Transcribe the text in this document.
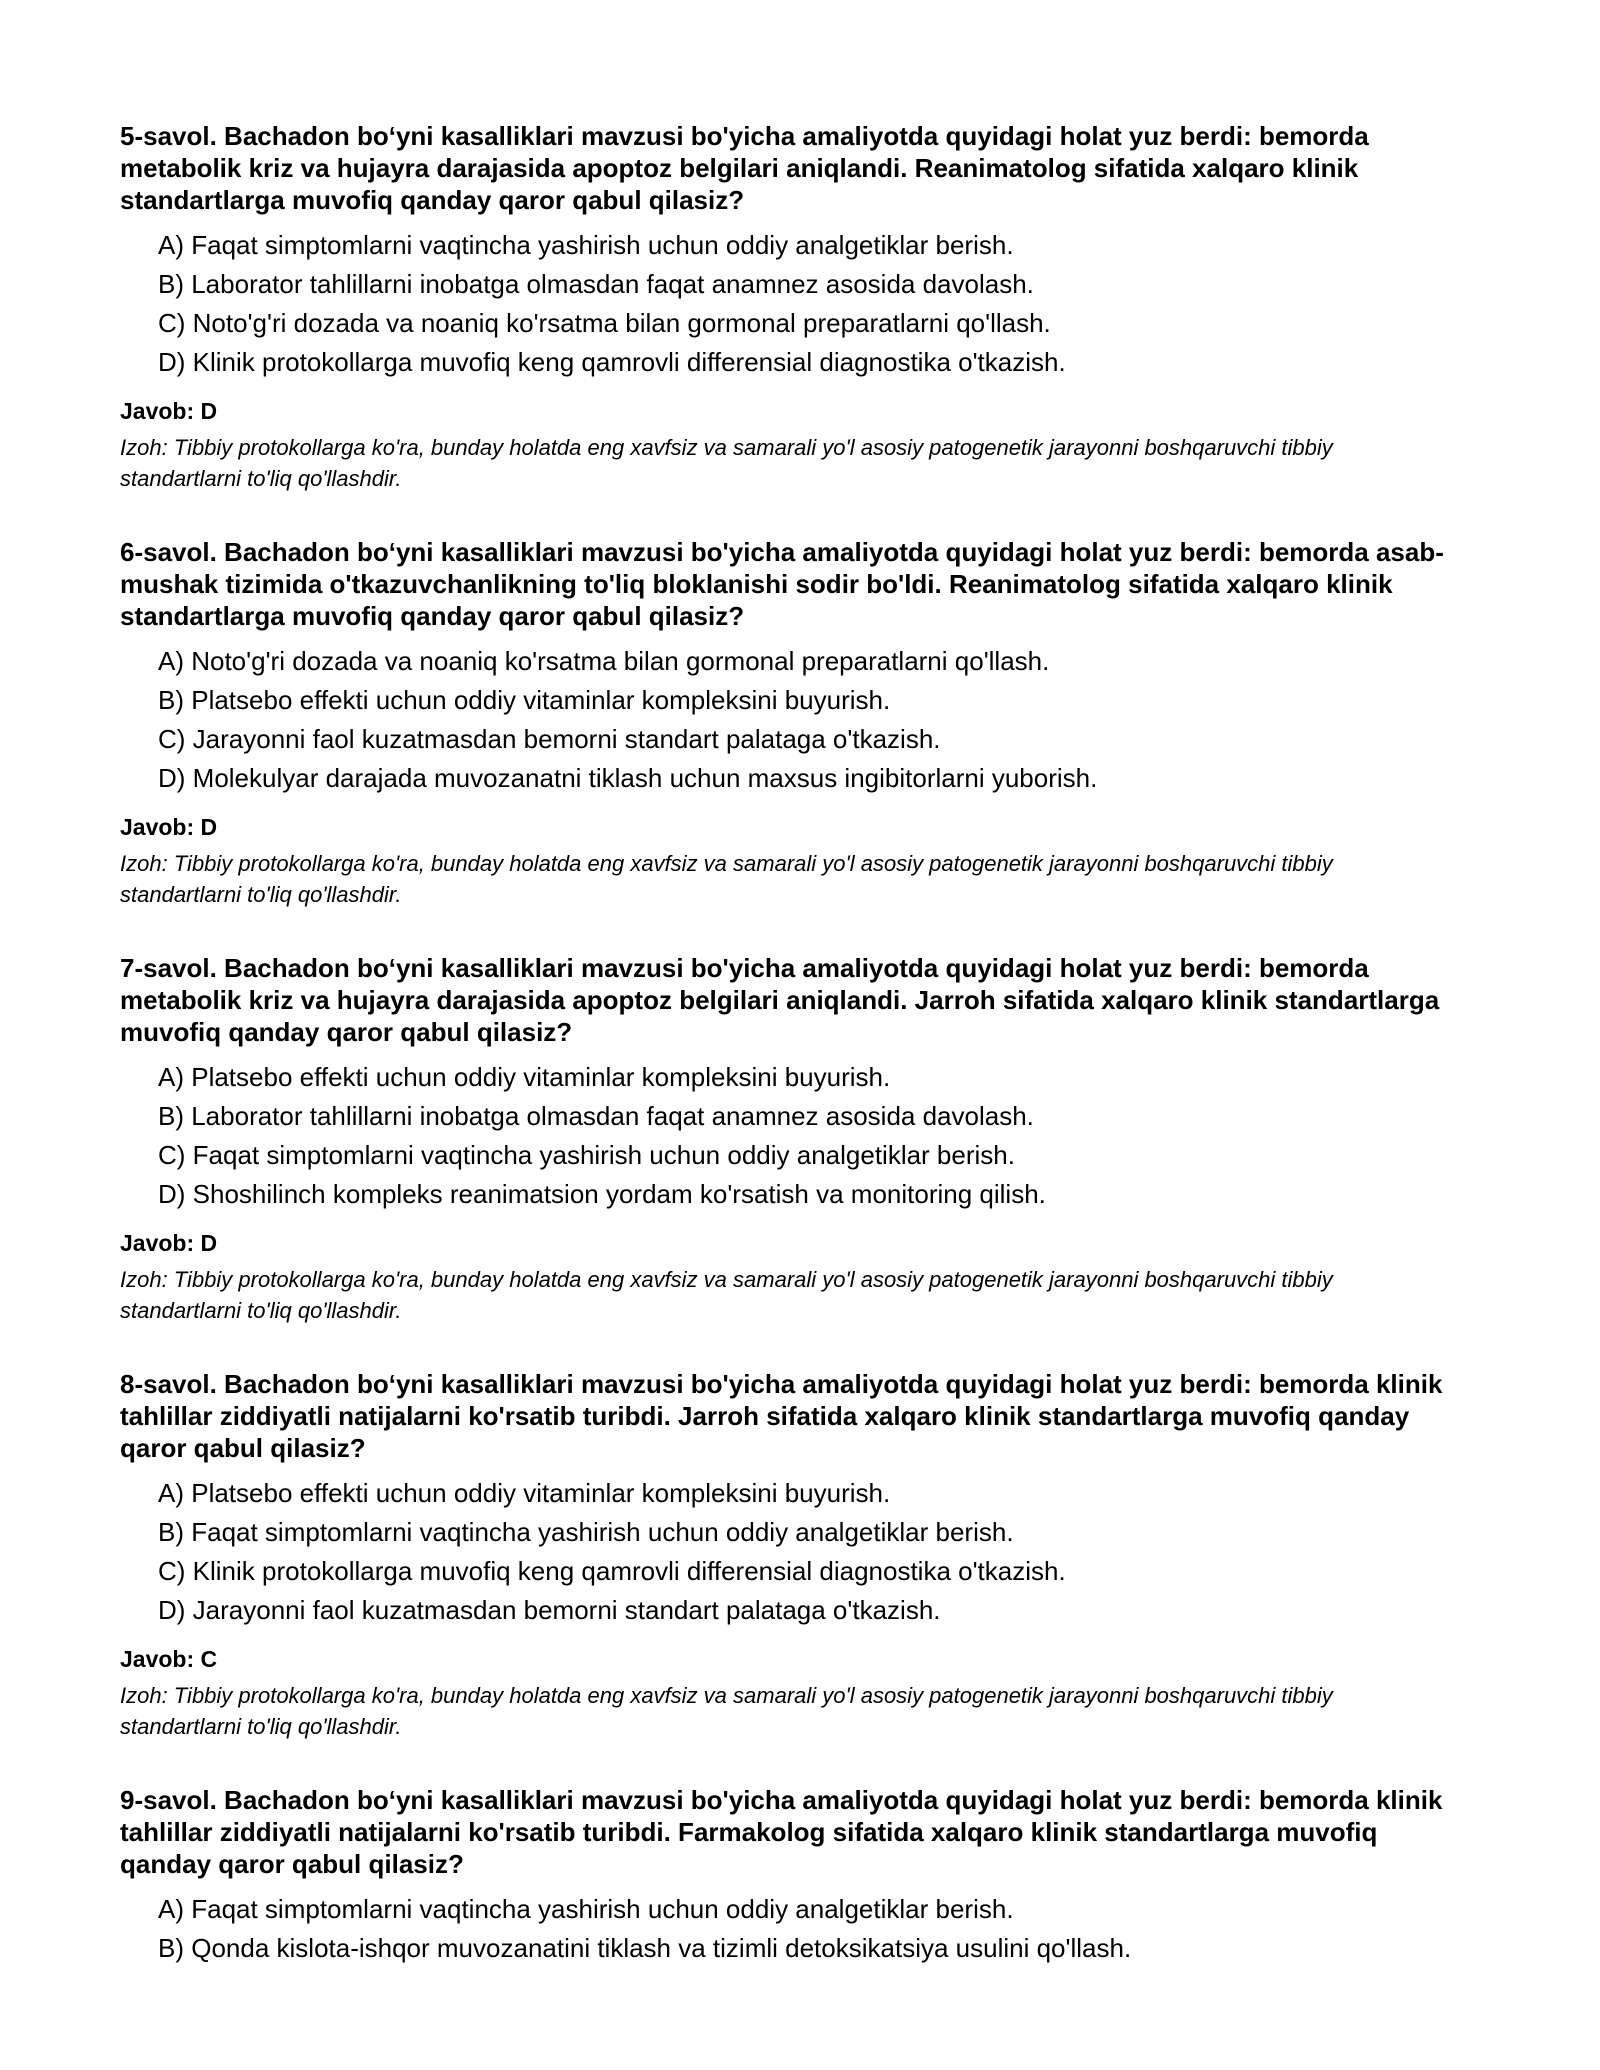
5-savol. Bachadon bo‘yni kasalliklari mavzusi bo'yicha amaliyotda quyidagi holat yuz berdi: bemorda metabolik kriz va hujayra darajasida apoptoz belgilari aniqlandi. Reanimatolog sifatida xalqaro klinik standartlarga muvofiq qanday qaror qabul qilasiz?

A) Faqat simptomlarni vaqtincha yashirish uchun oddiy analgetiklar berish.
B) Laborator tahlillarni inobatga olmasdan faqat anamnez asosida davolash.
C) Noto'g'ri dozada va noaniq ko'rsatma bilan gormonal preparatlarni qo'llash.
D) Klinik protokollarga muvofiq keng qamrovli differensial diagnostika o'tkazish.

Javob: D

Izoh: Tibbiy protokollarga ko'ra, bunday holatda eng xavfsiz va samarali yo'l asosiy patogenetik jarayonni boshqaruvchi tibbiy standartlarni to'liq qo'llashdir.

6-savol. Bachadon bo‘yni kasalliklari mavzusi bo'yicha amaliyotda quyidagi holat yuz berdi: bemorda asab-mushak tizimida o'tkazuvchanlikning to'liq bloklanishi sodir bo'ldi. Reanimatolog sifatida xalqaro klinik standartlarga muvofiq qanday qaror qabul qilasiz?

A) Noto'g'ri dozada va noaniq ko'rsatma bilan gormonal preparatlarni qo'llash.
B) Platsebo effekti uchun oddiy vitaminlar kompleksini buyurish.
C) Jarayonni faol kuzatmasdan bemorni standart palataga o'tkazish.
D) Molekulyar darajada muvozanatni tiklash uchun maxsus ingibitorlarni yuborish.

Javob: D

Izoh: Tibbiy protokollarga ko'ra, bunday holatda eng xavfsiz va samarali yo'l asosiy patogenetik jarayonni boshqaruvchi tibbiy standartlarni to'liq qo'llashdir.

7-savol. Bachadon bo‘yni kasalliklari mavzusi bo'yicha amaliyotda quyidagi holat yuz berdi: bemorda metabolik kriz va hujayra darajasida apoptoz belgilari aniqlandi. Jarroh sifatida xalqaro klinik standartlarga muvofiq qanday qaror qabul qilasiz?

A) Platsebo effekti uchun oddiy vitaminlar kompleksini buyurish.
B) Laborator tahlillarni inobatga olmasdan faqat anamnez asosida davolash.
C) Faqat simptomlarni vaqtincha yashirish uchun oddiy analgetiklar berish.
D) Shoshilinch kompleks reanimatsion yordam ko'rsatish va monitoring qilish.

Javob: D

Izoh: Tibbiy protokollarga ko'ra, bunday holatda eng xavfsiz va samarali yo'l asosiy patogenetik jarayonni boshqaruvchi tibbiy standartlarni to'liq qo'llashdir.

8-savol. Bachadon bo‘yni kasalliklari mavzusi bo'yicha amaliyotda quyidagi holat yuz berdi: bemorda klinik tahlillar ziddiyatli natijalarni ko'rsatib turibdi. Jarroh sifatida xalqaro klinik standartlarga muvofiq qanday qaror qabul qilasiz?

A) Platsebo effekti uchun oddiy vitaminlar kompleksini buyurish.
B) Faqat simptomlarni vaqtincha yashirish uchun oddiy analgetiklar berish.
C) Klinik protokollarga muvofiq keng qamrovli differensial diagnostika o'tkazish.
D) Jarayonni faol kuzatmasdan bemorni standart palataga o'tkazish.

Javob: C

Izoh: Tibbiy protokollarga ko'ra, bunday holatda eng xavfsiz va samarali yo'l asosiy patogenetik jarayonni boshqaruvchi tibbiy standartlarni to'liq qo'llashdir.

9-savol. Bachadon bo‘yni kasalliklari mavzusi bo'yicha amaliyotda quyidagi holat yuz berdi: bemorda klinik tahlillar ziddiyatli natijalarni ko'rsatib turibdi. Farmakolog sifatida xalqaro klinik standartlarga muvofiq qanday qaror qabul qilasiz?

A) Faqat simptomlarni vaqtincha yashirish uchun oddiy analgetiklar berish.
B) Qonda kislota-ishqor muvozanatini tiklash va tizimli detoksikatsiya usulini qo'llash.
